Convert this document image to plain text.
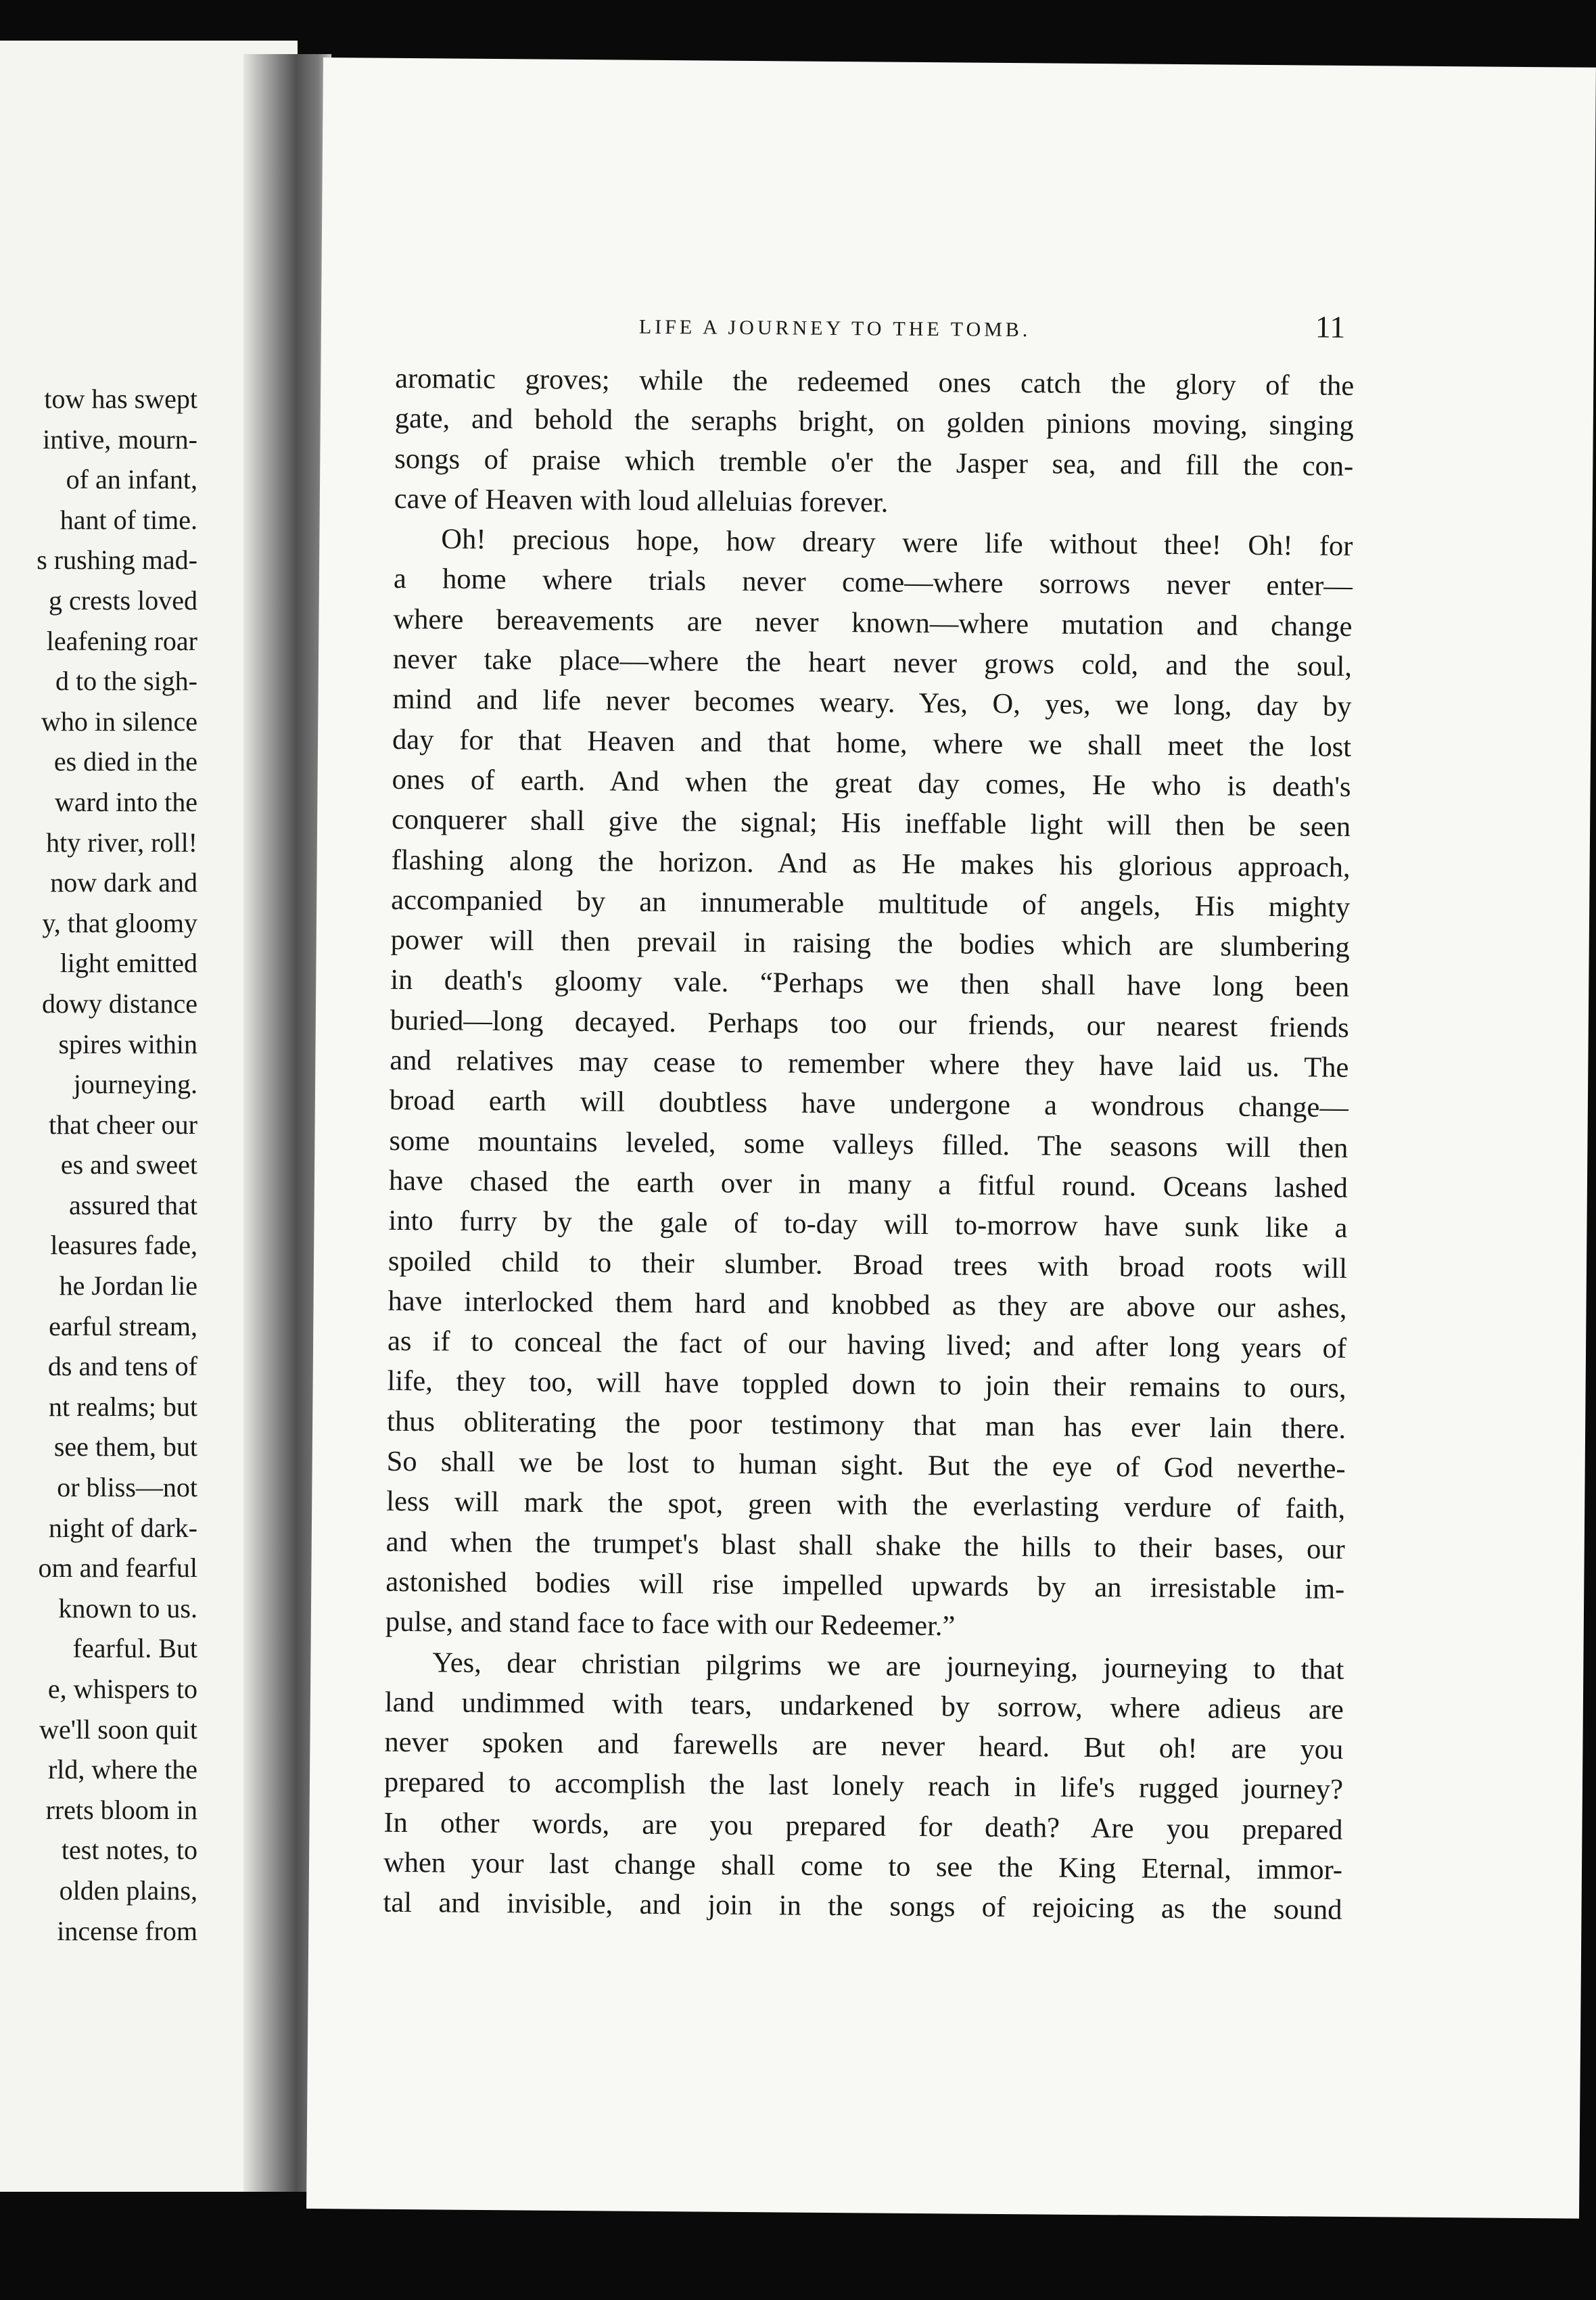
tow has swept
intive, mourn-
of an infant,
hant of time.
s rushing mad-
g crests loved
leafening roar
d to the sigh-
who in silence
es died in the
ward into the
hty river, roll!
now dark and
y, that gloomy
light emitted
dowy distance
spires within
journeying.
that cheer our
es and sweet
assured that
leasures fade,
he Jordan lie
earful stream,
ds and tens of
nt realms; but
see them, but
or bliss—not
night of dark-
om and fearful
known to us.
fearful. But
e, whispers to
we'll soon quit
rld, where the
rrets bloom in
test notes, to
olden plains,
incense from
LIFE A JOURNEY TO THE TOMB.	11
aromatic groves; while the redeemed ones catch the glory of the
gate, and behold the seraphs bright, on golden pinions moving, singing
songs of praise which tremble o'er the Jasper sea, and fill the con-
cave of Heaven with loud alleluias forever.
Oh! precious hope, how dreary were life without thee! Oh! for
a home where trials never come—where sorrows never enter—
where bereavements are never known—where mutation and change
never take place—where the heart never grows cold, and the soul,
mind and life never becomes weary. Yes, O, yes, we long, day by
day for that Heaven and that home, where we shall meet the lost
ones of earth. And when the great day comes, He who is death's
conquerer shall give the signal; His ineffable light will then be seen
flashing along the horizon. And as He makes his glorious approach,
accompanied by an innumerable multitude of angels, His mighty
power will then prevail in raising the bodies which are slumbering
in death's gloomy vale. “Perhaps we then shall have long been
buried—long decayed. Perhaps too our friends, our nearest friends
and relatives may cease to remember where they have laid us. The
broad earth will doubtless have undergone a wondrous change—
some mountains leveled, some valleys filled. The seasons will then
have chased the earth over in many a fitful round. Oceans lashed
into furry by the gale of to-day will to-morrow have sunk like a
spoiled child to their slumber. Broad trees with broad roots will
have interlocked them hard and knobbed as they are above our ashes,
as if to conceal the fact of our having lived; and after long years of
life, they too, will have toppled down to join their remains to ours,
thus obliterating the poor testimony that man has ever lain there.
So shall we be lost to human sight. But the eye of God neverthe-
less will mark the spot, green with the everlasting verdure of faith,
and when the trumpet's blast shall shake the hills to their bases, our
astonished bodies will rise impelled upwards by an irresistable im-
pulse, and stand face to face with our Redeemer.”
Yes, dear christian pilgrims we are journeying, journeying to that
land undimmed with tears, undarkened by sorrow, where adieus are
never spoken and farewells are never heard. But oh! are you
prepared to accomplish the last lonely reach in life's rugged journey?
In other words, are you prepared for death? Are you prepared
when your last change shall come to see the King Eternal, immor-
tal and invisible, and join in the songs of rejoicing as the sound
